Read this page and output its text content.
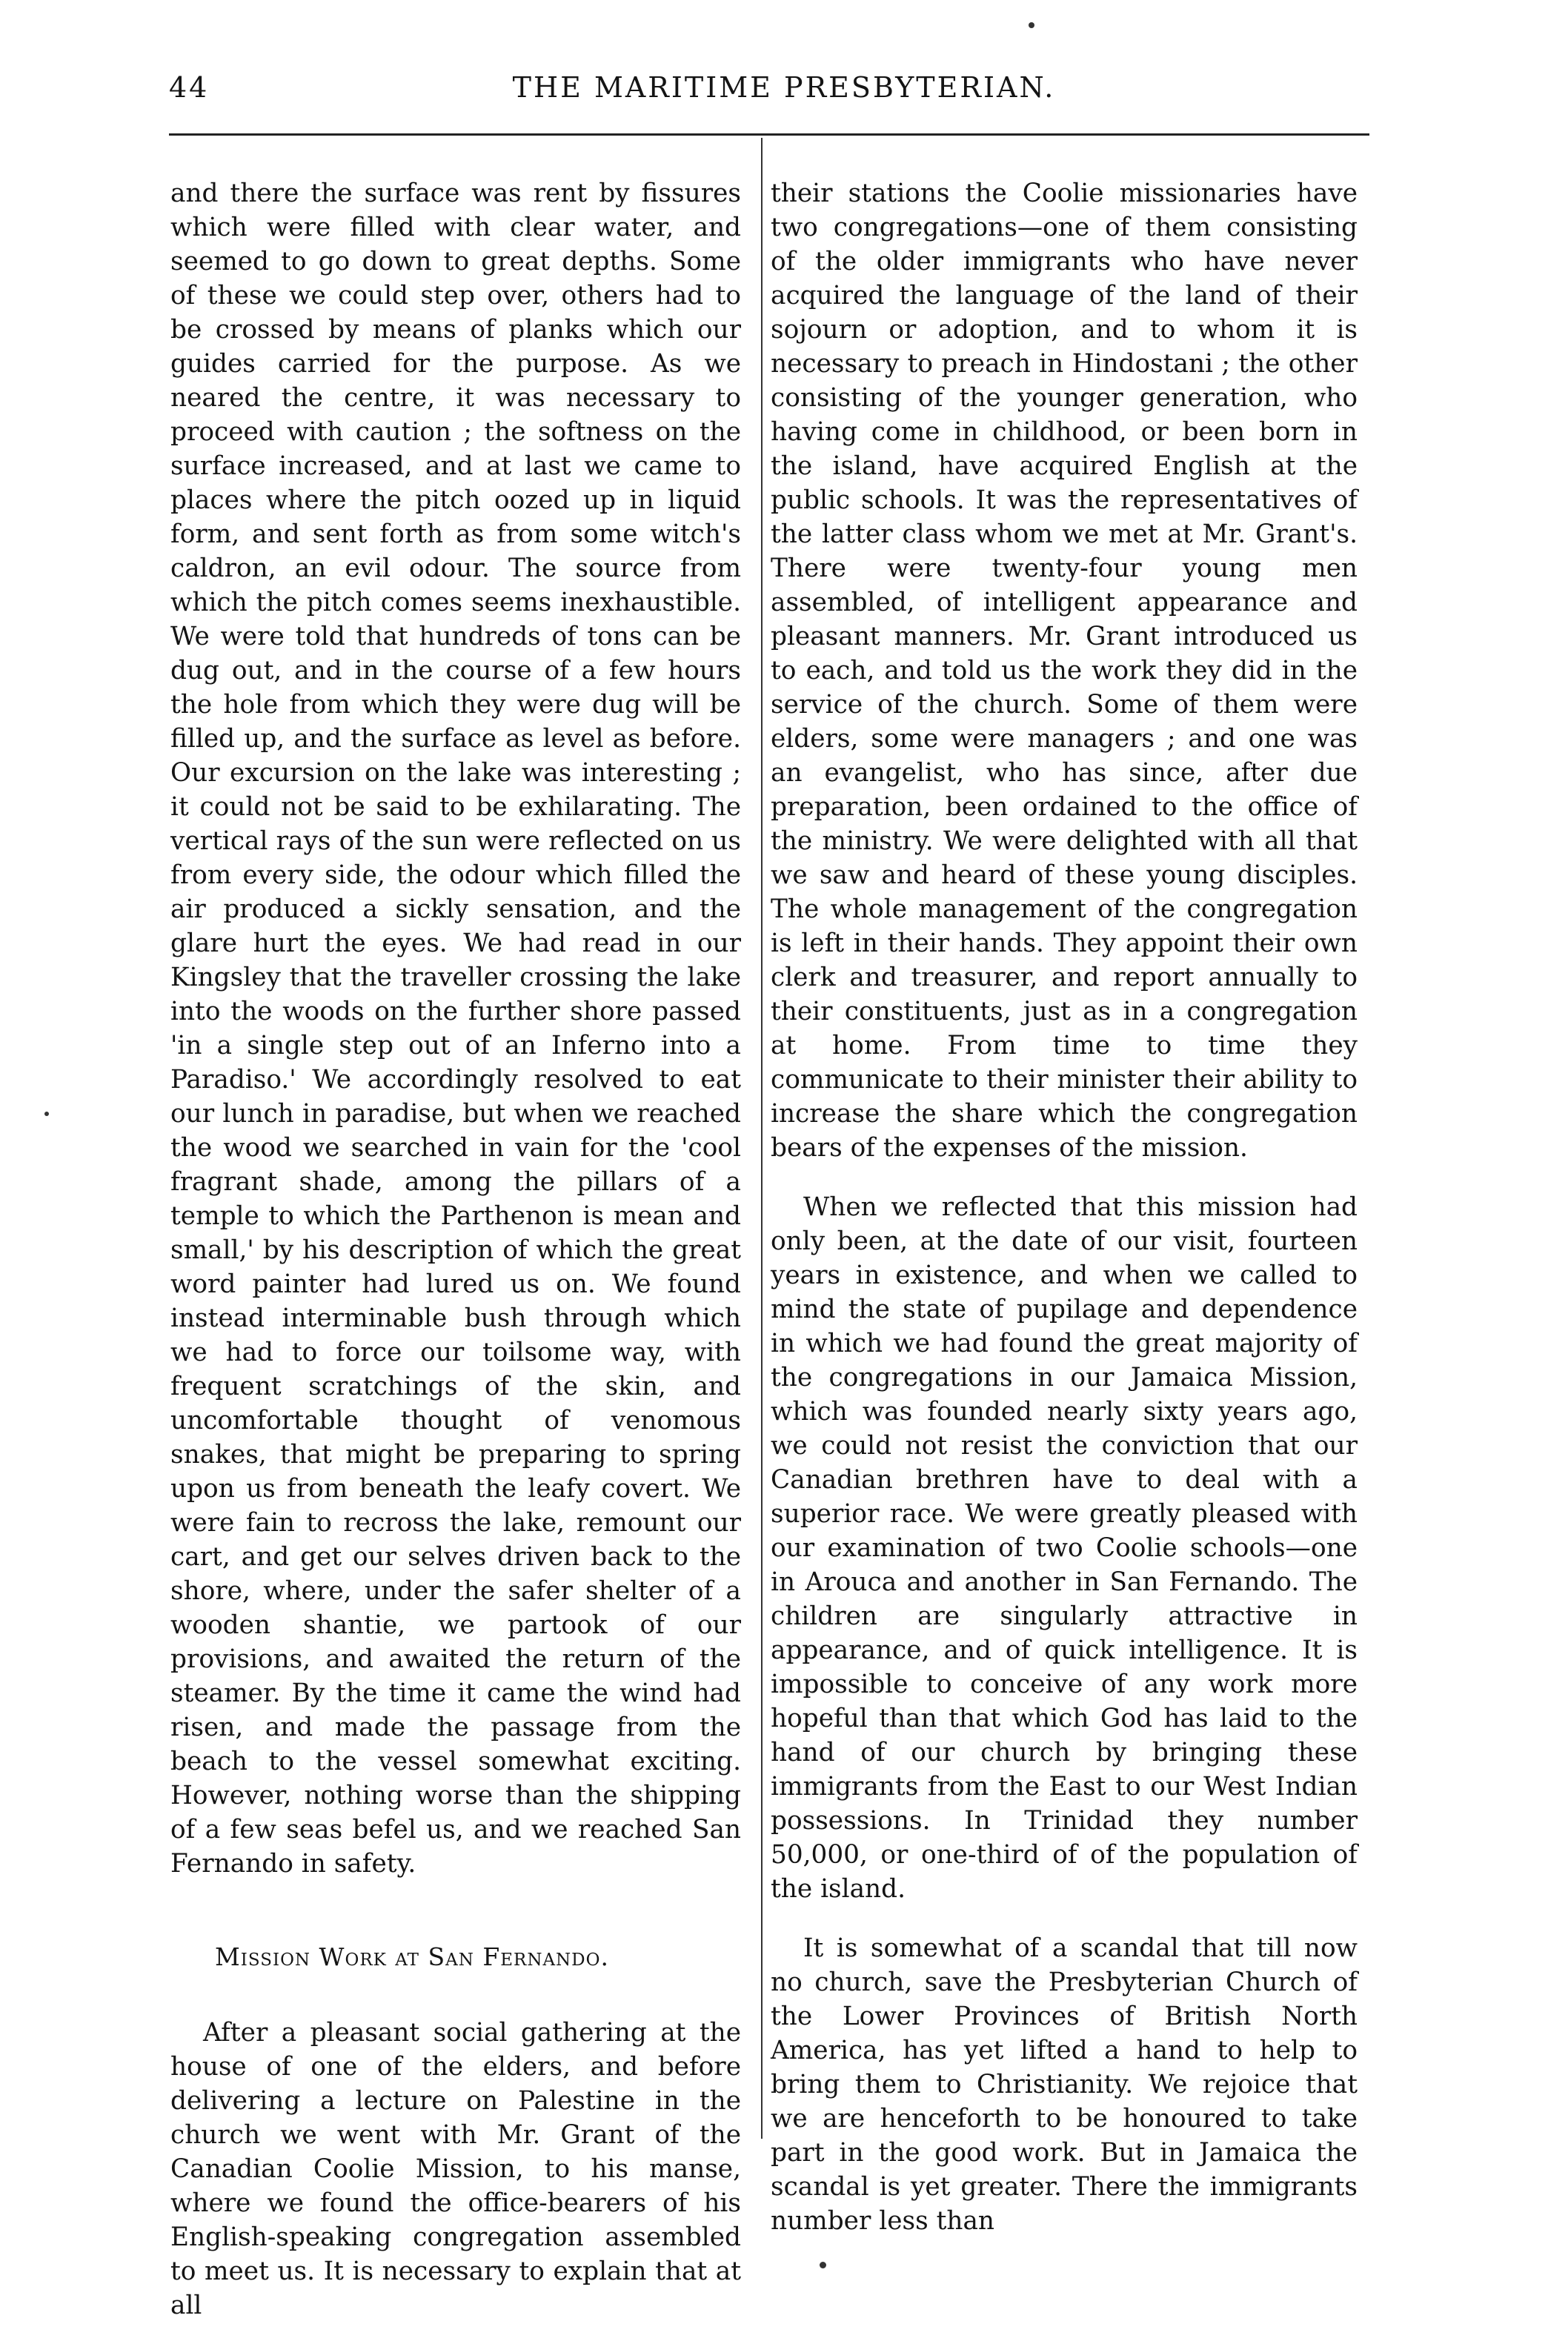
44	THE MARITIME PRESBYTERIAN.

and there the surface was rent by fissures which were filled with clear water, and seemed to go down to great depths. Some of these we could step over, others had to be crossed by means of planks which our guides carried for the purpose. As we neared the centre, it was necessary to proceed with caution ; the softness on the surface increased, and at last we came to places where the pitch oozed up in liquid form, and sent forth as from some witch's caldron, an evil odour. The source from which the pitch comes seems inexhaustible. We were told that hundreds of tons can be dug out, and in the course of a few hours the hole from which they were dug will be filled up, and the surface as level as before. Our excursion on the lake was interesting ; it could not be said to be exhilarating. The vertical rays of the sun were reflected on us from every side, the odour which filled the air produced a sickly sensation, and the glare hurt the eyes. We had read in our Kingsley that the traveller crossing the lake into the woods on the further shore passed 'in a single step out of an Inferno into a Paradiso.' We accordingly resolved to eat our lunch in paradise, but when we reached the wood we searched in vain for the 'cool fragrant shade, among the pillars of a temple to which the Parthenon is mean and small,' by his description of which the great word painter had lured us on. We found instead interminable bush through which we had to force our toilsome way, with frequent scratchings of the skin, and uncomfortable thought of venomous snakes, that might be preparing to spring upon us from beneath the leafy covert. We were fain to recross the lake, remount our cart, and get our selves driven back to the shore, where, under the safer shelter of a wooden shantie, we partook of our provisions, and awaited the return of the steamer. By the time it came the wind had risen, and made the passage from the beach to the vessel somewhat exciting. However, nothing worse than the shipping of a few seas befel us, and we reached San Fernando in safety.

Mission Work at San Fernando.

After a pleasant social gathering at the house of one of the elders, and before delivering a lecture on Palestine in the church we went with Mr. Grant of the Canadian Coolie Mission, to his manse, where we found the office-bearers of his English-speaking congregation assembled to meet us. It is necessary to explain that at all

their stations the Coolie missionaries have two congregations—one of them consisting of the older immigrants who have never acquired the language of the land of their sojourn or adoption, and to whom it is necessary to preach in Hindostani ; the other consisting of the younger generation, who having come in childhood, or been born in the island, have acquired English at the public schools. It was the representatives of the latter class whom we met at Mr. Grant's. There were twenty-four young men assembled, of intelligent appearance and pleasant manners. Mr. Grant introduced us to each, and told us the work they did in the service of the church. Some of them were elders, some were managers ; and one was an evangelist, who has since, after due preparation, been ordained to the office of the ministry. We were delighted with all that we saw and heard of these young disciples. The whole management of the congregation is left in their hands. They appoint their own clerk and treasurer, and report annually to their constituents, just as in a congregation at home. From time to time they communicate to their minister their ability to increase the share which the congregation bears of the expenses of the mission.

When we reflected that this mission had only been, at the date of our visit, fourteen years in existence, and when we called to mind the state of pupilage and dependence in which we had found the great majority of the congregations in our Jamaica Mission, which was founded nearly sixty years ago, we could not resist the conviction that our Canadian brethren have to deal with a superior race. We were greatly pleased with our examination of two Coolie schools—one in Arouca and another in San Fernando. The children are singularly attractive in appearance, and of quick intelligence. It is impossible to conceive of any work more hopeful than that which God has laid to the hand of our church by bringing these immigrants from the East to our West Indian possessions. In Trinidad they number 50,000, or one-third of of the population of the island.

It is somewhat of a scandal that till now no church, save the Presbyterian Church of the Lower Provinces of British North America, has yet lifted a hand to help to bring them to Christianity. We rejoice that we are henceforth to be honoured to take part in the good work. But in Jamaica the scandal is yet greater. There the immigrants number less than
